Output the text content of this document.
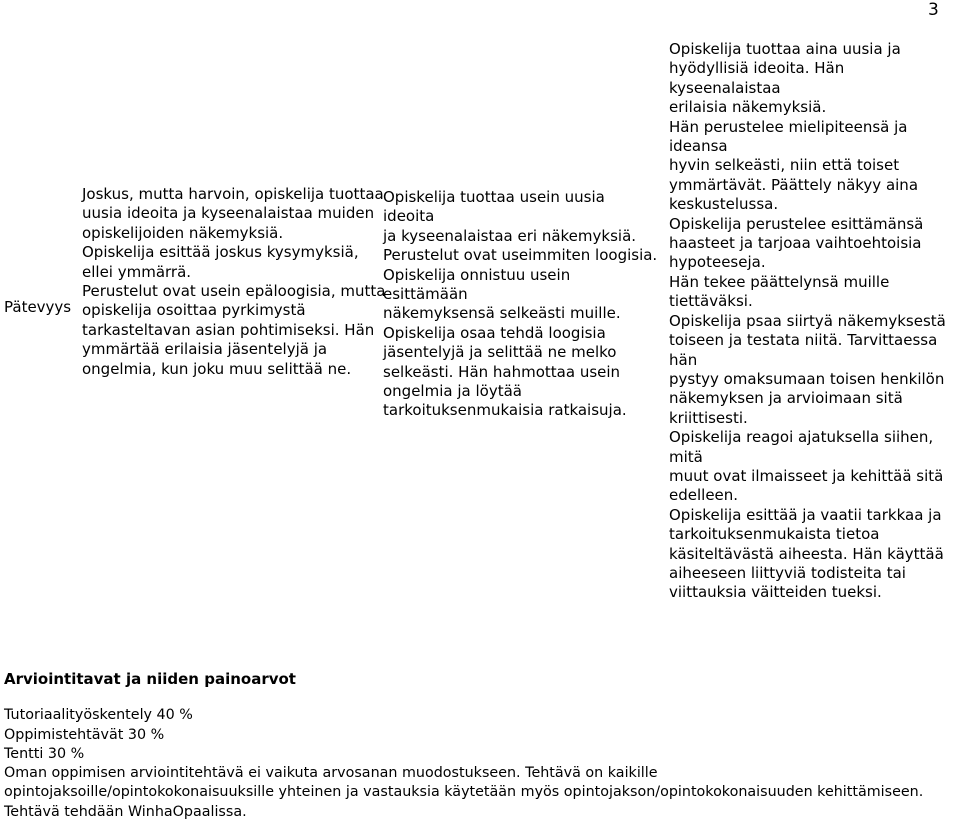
3
Pätevyys

Joskus, mutta harvoin, opiskelija tuottaa

uusia ideoita ja kyseenalaistaa muiden

opiskelijoiden näkemyksiä.

Opiskelija esittää joskus kysymyksiä,

ellei ymmärrä.

Perustelut ovat usein epäloogisia, mutta

opiskelija osoittaa pyrkimystä

tarkasteltavan asian pohtimiseksi. Hän

ymmärtää erilaisia jäsentelyjä ja

ongelmia, kun joku muu selittää ne.

Opiskelija tuottaa usein uusia ideoita

ja kyseenalaistaa eri näkemyksiä.

Perustelut ovat useimmiten loogisia.

Opiskelija onnistuu usein esittämään

näkemyksensä selkeästi muille.

Opiskelija osaa tehdä loogisia

jäsentelyjä ja selittää ne melko

selkeästi. Hän hahmottaa usein

ongelmia ja löytää

tarkoituksenmukaisia ratkaisuja.

Opiskelija tuottaa aina uusia ja

hyödyllisiä ideoita. Hän kyseenalaistaa

erilaisia näkemyksiä.

Hän perustelee mielipiteensä ja ideansa

hyvin selkeästi, niin että toiset

ymmärtävät. Päättely näkyy aina

keskustelussa.

Opiskelija perustelee esittämänsä

haasteet ja tarjoaa vaihtoehtoisia

hypoteeseja.

Hän tekee päättelynsä muille

tiettäväksi.

Opiskelija psaa siirtyä näkemyksestä

toiseen ja testata niitä. Tarvittaessa hän

pystyy omaksumaan toisen henkilön

näkemyksen ja arvioimaan sitä

kriittisesti.

Opiskelija reagoi ajatuksella siihen, mitä

muut ovat ilmaisseet ja kehittää sitä

edelleen.

Opiskelija esittää ja vaatii tarkkaa ja

tarkoituksenmukaista tietoa

käsiteltävästä aiheesta. Hän käyttää

aiheeseen liittyviä todisteita tai

viittauksia väitteiden tueksi.

Arviointitavat ja niiden painoarvot

Tutoriaalityöskentely 40 %

Oppimistehtävät 30 %

Tentti 30 %

Oman oppimisen arviointitehtävä ei vaikuta arvosanan muodostukseen. Tehtävä on kaikille

opintojaksoille/opintokokonaisuuksille yhteinen ja vastauksia käytetään myös opintojakson/opintokokonaisuuden kehittämiseen.

Tehtävä tehdään WinhaOpaalissa.
